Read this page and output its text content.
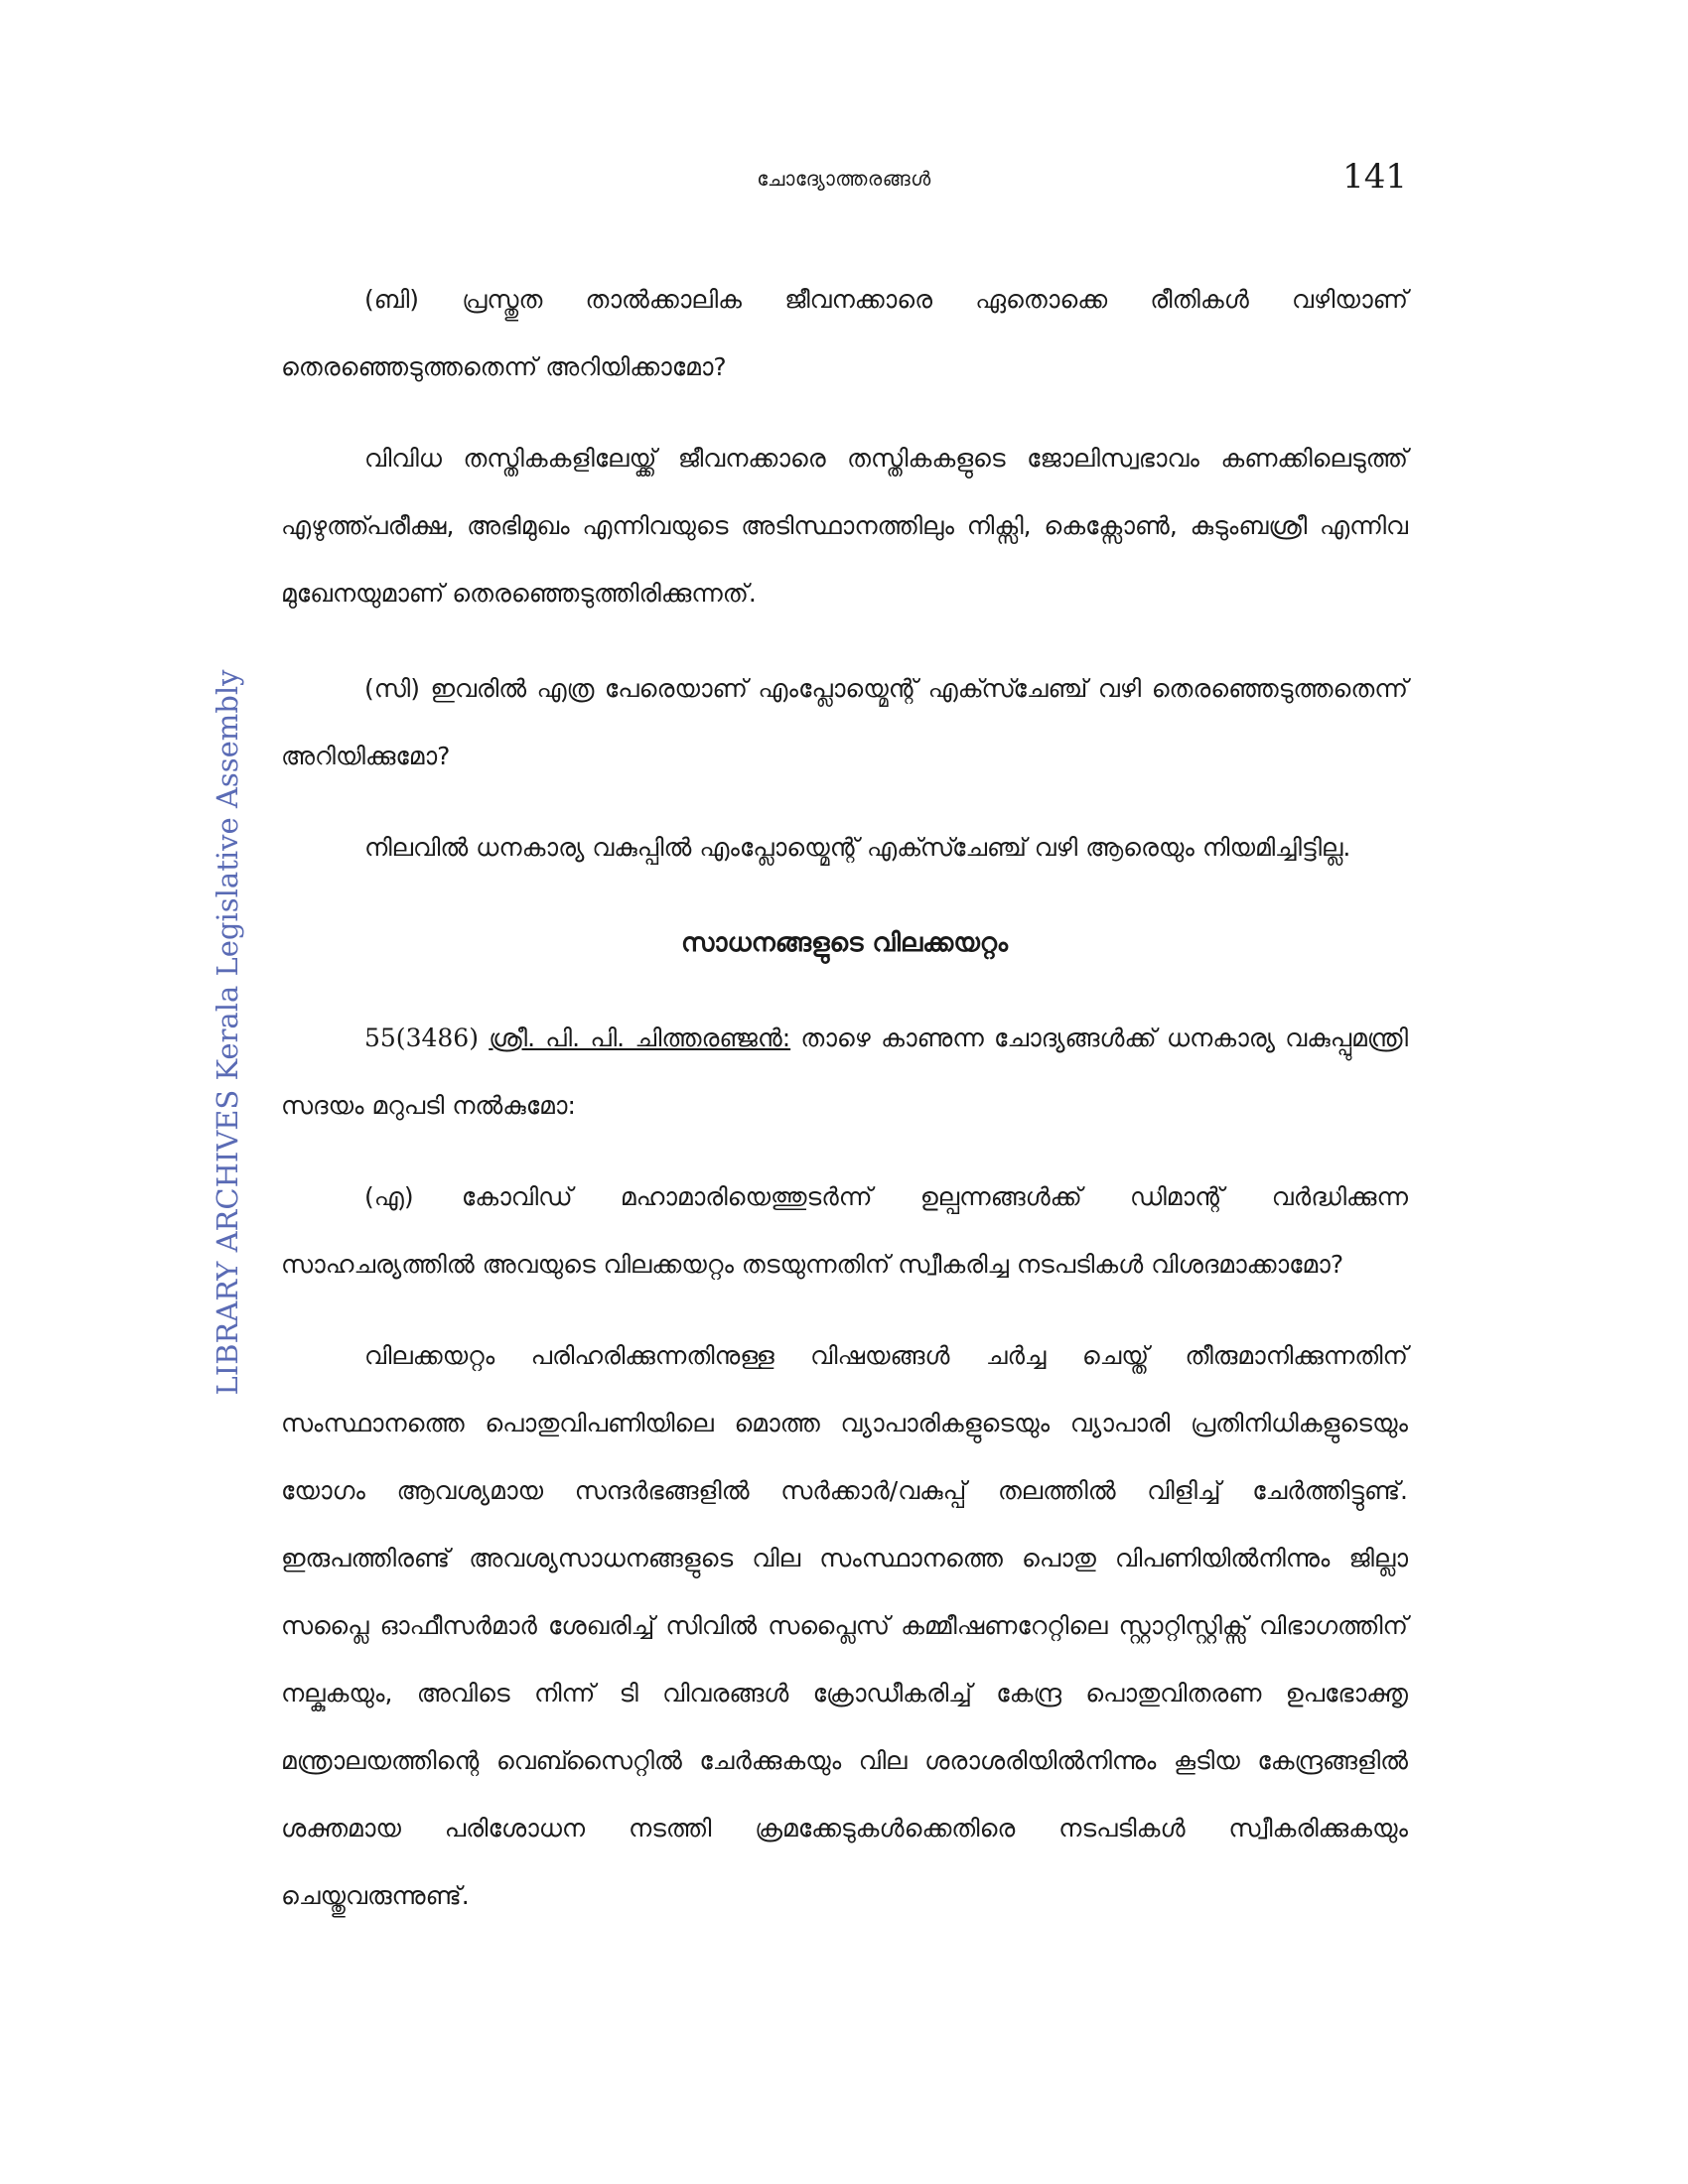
ചോദ്യോത്തരങ്ങൾ	141
LIBRARY ARCHIVES Kerala Legislative Assembly

(ബി) പ്രസ്തുത താൽക്കാലിക ജീവനക്കാരെ ഏതൊക്കെ രീതികൾ വഴിയാണ് തെരഞ്ഞെടുത്തതെന്ന് അറിയിക്കാമോ?

വിവിധ തസ്തികകളിലേയ്ക്ക് ജീവനക്കാരെ തസ്തികകളുടെ ജോലിസ്വഭാവം കണക്കിലെടുത്ത് എഴുത്ത്പരീക്ഷ, അഭിമുഖം എന്നിവയുടെ അടിസ്ഥാനത്തിലും നിക്സി, കെക്സോൺ, കുടുംബശ്രീ എന്നിവ മുഖേനയുമാണ് തെരഞ്ഞെടുത്തിരിക്കുന്നത്.

(സി) ഇവരിൽ എത്ര പേരെയാണ് എംപ്ലോയ്മെന്റ് എക്സ്ചേഞ്ച് വഴി തെരഞ്ഞെടുത്തതെന്ന് അറിയിക്കുമോ?

നിലവിൽ ധനകാര്യ വകുപ്പിൽ എംപ്ലോയ്മെന്റ് എക്സ്ചേഞ്ച് വഴി ആരെയും നിയമിച്ചിട്ടില്ല.

സാധനങ്ങളുടെ വിലക്കയറ്റം

55(3486) ശ്രീ. പി. പി. ചിത്തരഞ്ജൻ: താഴെ കാണുന്ന ചോദ്യങ്ങൾക്ക് ധനകാര്യ വകുപ്പുമന്ത്രി സദയം മറുപടി നൽകുമോ:

(എ) കോവിഡ് മഹാമാരിയെത്തുടർന്ന് ഉല്പന്നങ്ങൾക്ക് ഡിമാന്റ് വർദ്ധിക്കുന്ന സാഹചര്യത്തിൽ അവയുടെ വിലക്കയറ്റം തടയുന്നതിന് സ്വീകരിച്ച നടപടികൾ വിശദമാക്കാമോ?

വിലക്കയറ്റം പരിഹരിക്കുന്നതിനുള്ള വിഷയങ്ങൾ ചർച്ച ചെയ്ത് തീരുമാനിക്കുന്നതിന് സംസ്ഥാനത്തെ പൊതുവിപണിയിലെ മൊത്ത വ്യാപാരികളുടെയും വ്യാപാരി പ്രതിനിധികളുടെയും യോഗം ആവശ്യമായ സന്ദർഭങ്ങളിൽ സർക്കാർ/വകുപ്പ് തലത്തിൽ വിളിച്ച് ചേർത്തിട്ടുണ്ട്. ഇരുപത്തിരണ്ട് അവശ്യസാധനങ്ങളുടെ വില സംസ്ഥാനത്തെ പൊതു വിപണിയിൽനിന്നും ജില്ലാ സപ്ലൈ ഓഫീസർമാർ ശേഖരിച്ച് സിവിൽ സപ്ലൈസ് കമ്മീഷണറേറ്റിലെ സ്റ്റാറ്റിസ്റ്റിക്സ് വിഭാഗത്തിന് നല്കുകയും, അവിടെ നിന്ന് ടി വിവരങ്ങൾ ക്രോഡീകരിച്ച് കേന്ദ്ര പൊതുവിതരണ ഉപഭോക്തൃ മന്ത്രാലയത്തിന്റെ വെബ്സൈറ്റിൽ ചേർക്കുകയും വില ശരാശരിയിൽനിന്നും കൂടിയ കേന്ദ്രങ്ങളിൽ ശക്തമായ പരിശോധന നടത്തി ക്രമക്കേടുകൾക്കെതിരെ നടപടികൾ സ്വീകരിക്കുകയും ചെയ്തുവരുന്നുണ്ട്.
